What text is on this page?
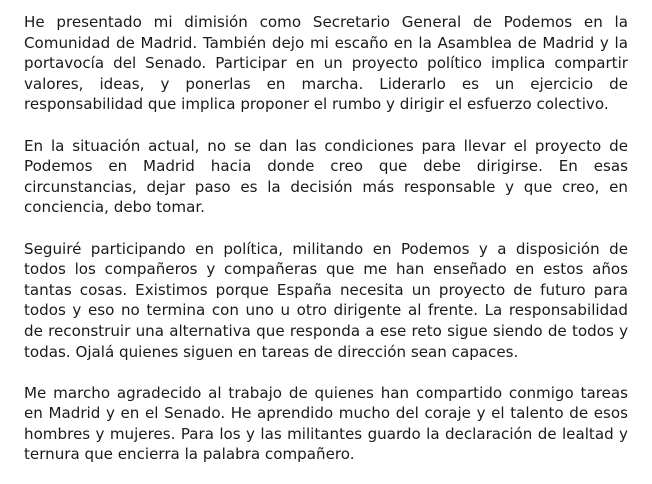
He presentado mi dimisión como Secretario General de Podemos en la Comunidad de Madrid. También dejo mi escaño en la Asamblea de Madrid y la portavocía del Senado. Participar en un proyecto político implica compartir valores, ideas, y ponerlas en marcha. Liderarlo es un ejercicio de responsabilidad que implica proponer el rumbo y dirigir el esfuerzo colectivo.

En la situación actual, no se dan las condiciones para llevar el proyecto de Podemos en Madrid hacia donde creo que debe dirigirse. En esas circunstancias, dejar paso es la decisión más responsable y que creo, en conciencia, debo tomar.

Seguiré participando en política, militando en Podemos y a disposición de todos los compañeros y compañeras que me han enseñado en estos años tantas cosas. Existimos porque España necesita un proyecto de futuro para todos y eso no termina con uno u otro dirigente al frente. La responsabilidad de reconstruir una alternativa que responda a ese reto sigue siendo de todos y todas. Ojalá quienes siguen en tareas de dirección sean capaces.

Me marcho agradecido al trabajo de quienes han compartido conmigo tareas en Madrid y en el Senado. He aprendido mucho del coraje y el talento de esos hombres y mujeres. Para los y las militantes guardo la declaración de lealtad y ternura que encierra la palabra compañero.
